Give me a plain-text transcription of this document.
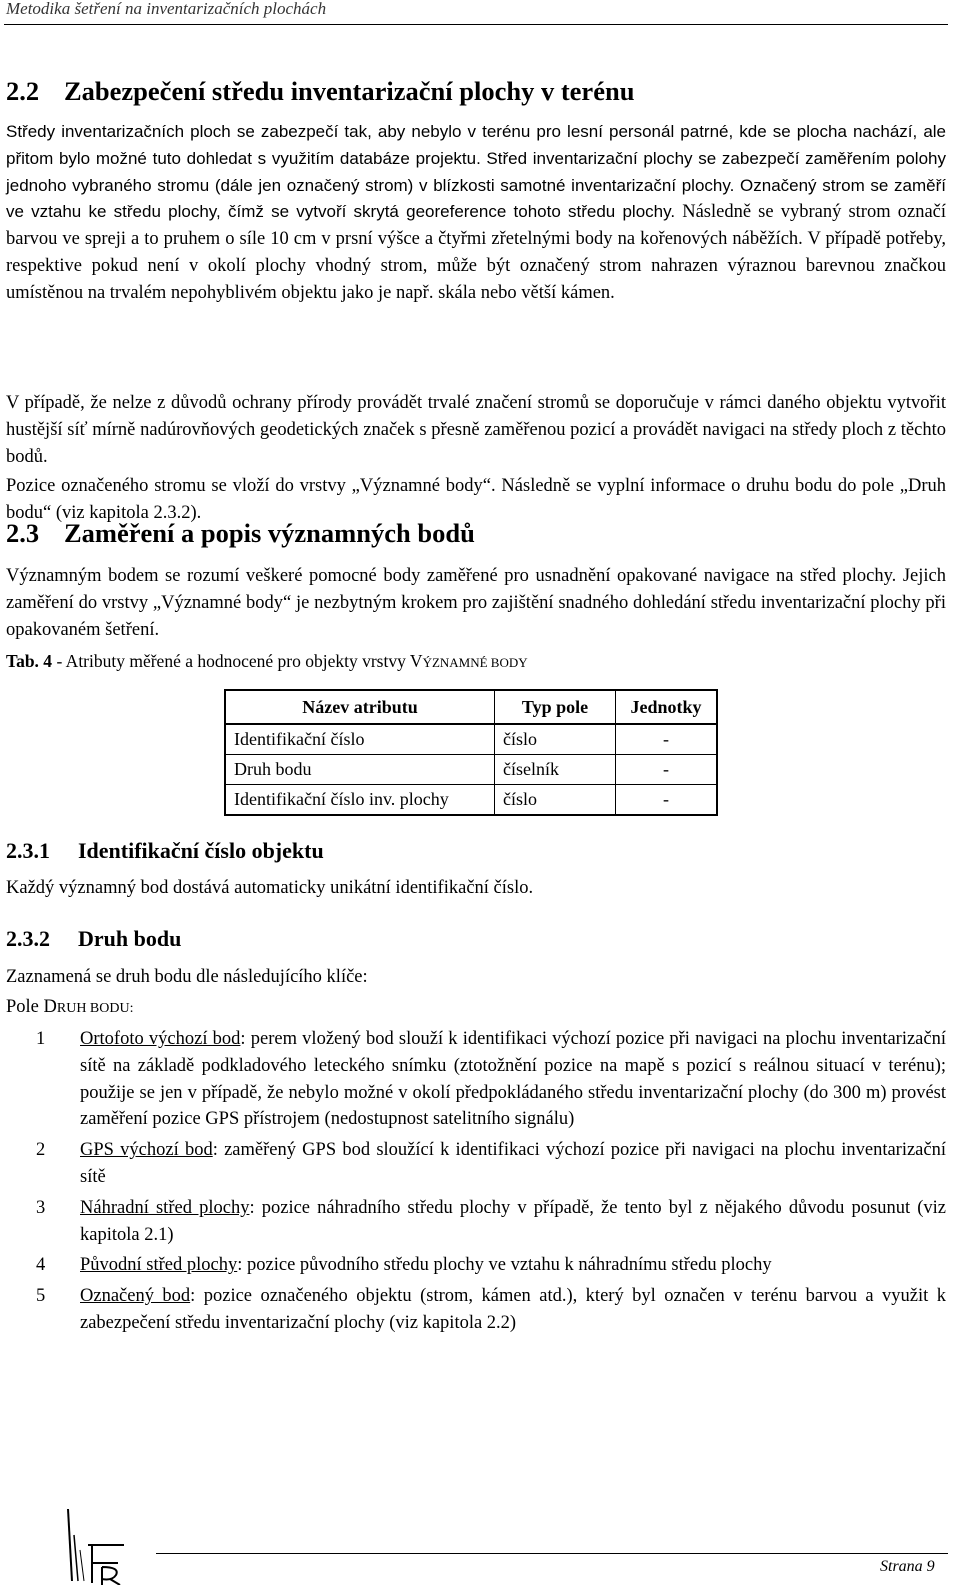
Metodika šetření na inventarizačních plochách
2.2 Zabezpečení středu inventarizační plochy v terénu
Středy inventarizačních ploch se zabezpečí tak, aby nebylo v terénu pro lesní personál patrné, kde se plocha nachází, ale přitom bylo možné tuto dohledat s využitím databáze projektu. Střed inventarizační plochy se zabezpečí zaměřením polohy jednoho vybraného stromu (dále jen označený strom) v blízkosti samotné inventarizační plochy. Označený strom se zaměří ve vztahu ke středu plochy, čímž se vytvoří skrytá georeference tohoto středu plochy. Následně se vybraný strom označí barvou ve spreji a to pruhem o síle 10 cm v prsní výšce a čtyřmi zřetelnými body na kořenových náběžích. V případě potřeby, respektive pokud není v okolí plochy vhodný strom, může být označený strom nahrazen výraznou barevnou značkou umístěnou na trvalém nepohyblivém objektu jako je např. skála nebo větší kámen.
V případě, že nelze z důvodů ochrany přírody provádět trvalé značení stromů se doporučuje v rámci daného objektu vytvořit hustější síť mírně nadúrovňových geodetických značek s přesně zaměřenou pozicí a provádět navigaci na středy ploch z těchto bodů.
Pozice označeného stromu se vloží do vrstvy „Významné body“. Následně se vyplní informace o druhu bodu do pole „Druh bodu“ (viz kapitola 2.3.2).
2.3 Zaměření a popis významných bodů
Významným bodem se rozumí veškeré pomocné body zaměřené pro usnadnění opakované navigace na střed plochy. Jejich zaměření do vrstvy „Významné body“ je nezbytným krokem pro zajištění snadného dohledání středu inventarizační plochy při opakovaném šetření.
Tab. 4 - Atributy měřené a hodnocené pro objekty vrstvy VÝZNAMNÉ BODY
Název atributu	Typ pole	Jednotky
Identifikační číslo	číslo	-
Druh bodu	číselník	-
Identifikační číslo inv. plochy	číslo	-
2.3.1 Identifikační číslo objektu
Každý významný bod dostává automaticky unikátní identifikační číslo.
2.3.2 Druh bodu
Zaznamená se druh bodu dle následujícího klíče:
Pole DRUH BODU:
1 Ortofoto výchozí bod: perem vložený bod slouží k identifikaci výchozí pozice při navigaci na plochu inventarizační sítě na základě podkladového leteckého snímku (ztotožnění pozice na mapě s pozicí s reálnou situací v terénu); použije se jen v případě, že nebylo možné v okolí předpokládaného středu inventarizační plochy (do 300 m) provést zaměření pozice GPS přístrojem (nedostupnost satelitního signálu)
2 GPS výchozí bod: zaměřený GPS bod sloužící k identifikaci výchozí pozice při navigaci na plochu inventarizační sítě
3 Náhradní střed plochy: pozice náhradního středu plochy v případě, že tento byl z nějakého důvodu posunut (viz kapitola 2.1)
4 Původní střed plochy: pozice původního středu plochy ve vztahu k náhradnímu středu plochy
5 Označený bod: pozice označeného objektu (strom, kámen atd.), který byl označen v terénu barvou a využit k zabezpečení středu inventarizační plochy (viz kapitola 2.2)
Strana 9
